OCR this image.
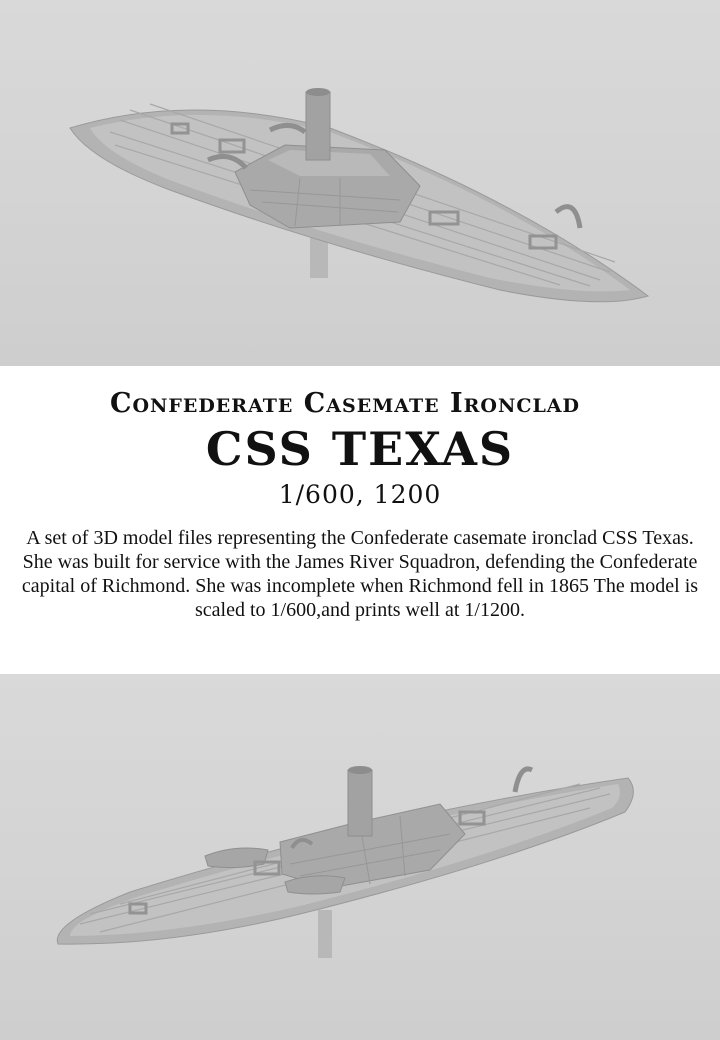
Confederate Casemate Ironclad
CSS TEXAS
1/600, 1200
A set of 3D model files representing the Confederate casemate ironclad CSS Texas. She was built for service with the James River Squadron, defending the Confederate capital of Richmond. She was incomplete when Richmond fell in 1865 The model is scaled to 1/600,and prints well at 1/1200.
